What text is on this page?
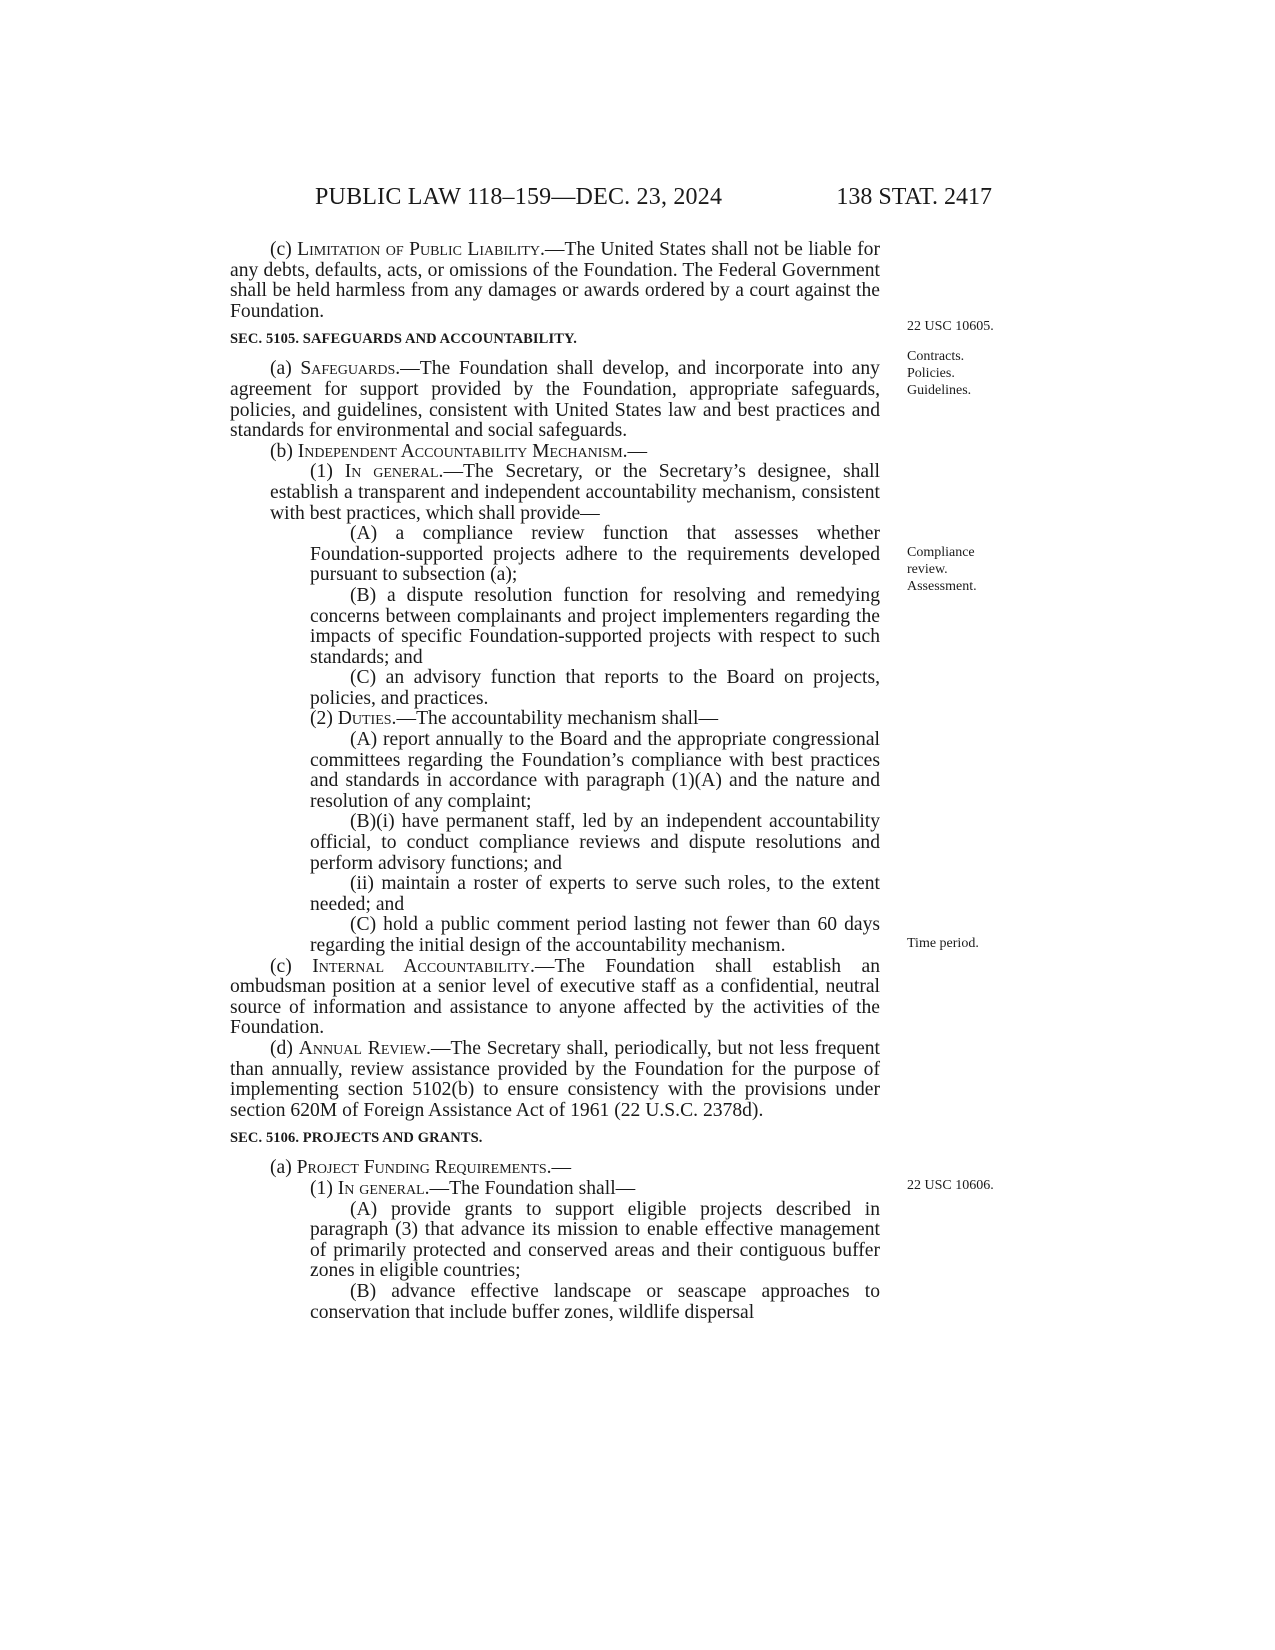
PUBLIC LAW 118–159—DEC. 23, 2024	138 STAT. 2417

(c) Limitation of Public Liability.—The United States shall not be liable for any debts, defaults, acts, or omissions of the Foundation. The Federal Government shall be held harmless from any damages or awards ordered by a court against the Foundation.

SEC. 5105. SAFEGUARDS AND ACCOUNTABILITY.

(a) Safeguards.—The Foundation shall develop, and incorporate into any agreement for support provided by the Foundation, appropriate safeguards, policies, and guidelines, consistent with United States law and best practices and standards for environmental and social safeguards.

(b) Independent Accountability Mechanism.—

(1) In general.—The Secretary, or the Secretary’s designee, shall establish a transparent and independent accountability mechanism, consistent with best practices, which shall provide—

(A) a compliance review function that assesses whether Foundation-supported projects adhere to the requirements developed pursuant to subsection (a);

(B) a dispute resolution function for resolving and remedying concerns between complainants and project implementers regarding the impacts of specific Foundation-supported projects with respect to such standards; and

(C) an advisory function that reports to the Board on projects, policies, and practices.

(2) Duties.—The accountability mechanism shall—

(A) report annually to the Board and the appropriate congressional committees regarding the Foundation’s compliance with best practices and standards in accordance with paragraph (1)(A) and the nature and resolution of any complaint;

(B)(i) have permanent staff, led by an independent accountability official, to conduct compliance reviews and dispute resolutions and perform advisory functions; and

(ii) maintain a roster of experts to serve such roles, to the extent needed; and

(C) hold a public comment period lasting not fewer than 60 days regarding the initial design of the accountability mechanism.

(c) Internal Accountability.—The Foundation shall establish an ombudsman position at a senior level of executive staff as a confidential, neutral source of information and assistance to anyone affected by the activities of the Foundation.

(d) Annual Review.—The Secretary shall, periodically, but not less frequent than annually, review assistance provided by the Foundation for the purpose of implementing section 5102(b) to ensure consistency with the provisions under section 620M of Foreign Assistance Act of 1961 (22 U.S.C. 2378d).

SEC. 5106. PROJECTS AND GRANTS.

(a) Project Funding Requirements.—

(1) In general.—The Foundation shall—

(A) provide grants to support eligible projects described in paragraph (3) that advance its mission to enable effective management of primarily protected and conserved areas and their contiguous buffer zones in eligible countries;

(B) advance effective landscape or seascape approaches to conservation that include buffer zones, wildlife dispersal

22 USC 10605.
Contracts.
Policies.
Guidelines.
Compliance
review.
Assessment.
Time period.
22 USC 10606.
